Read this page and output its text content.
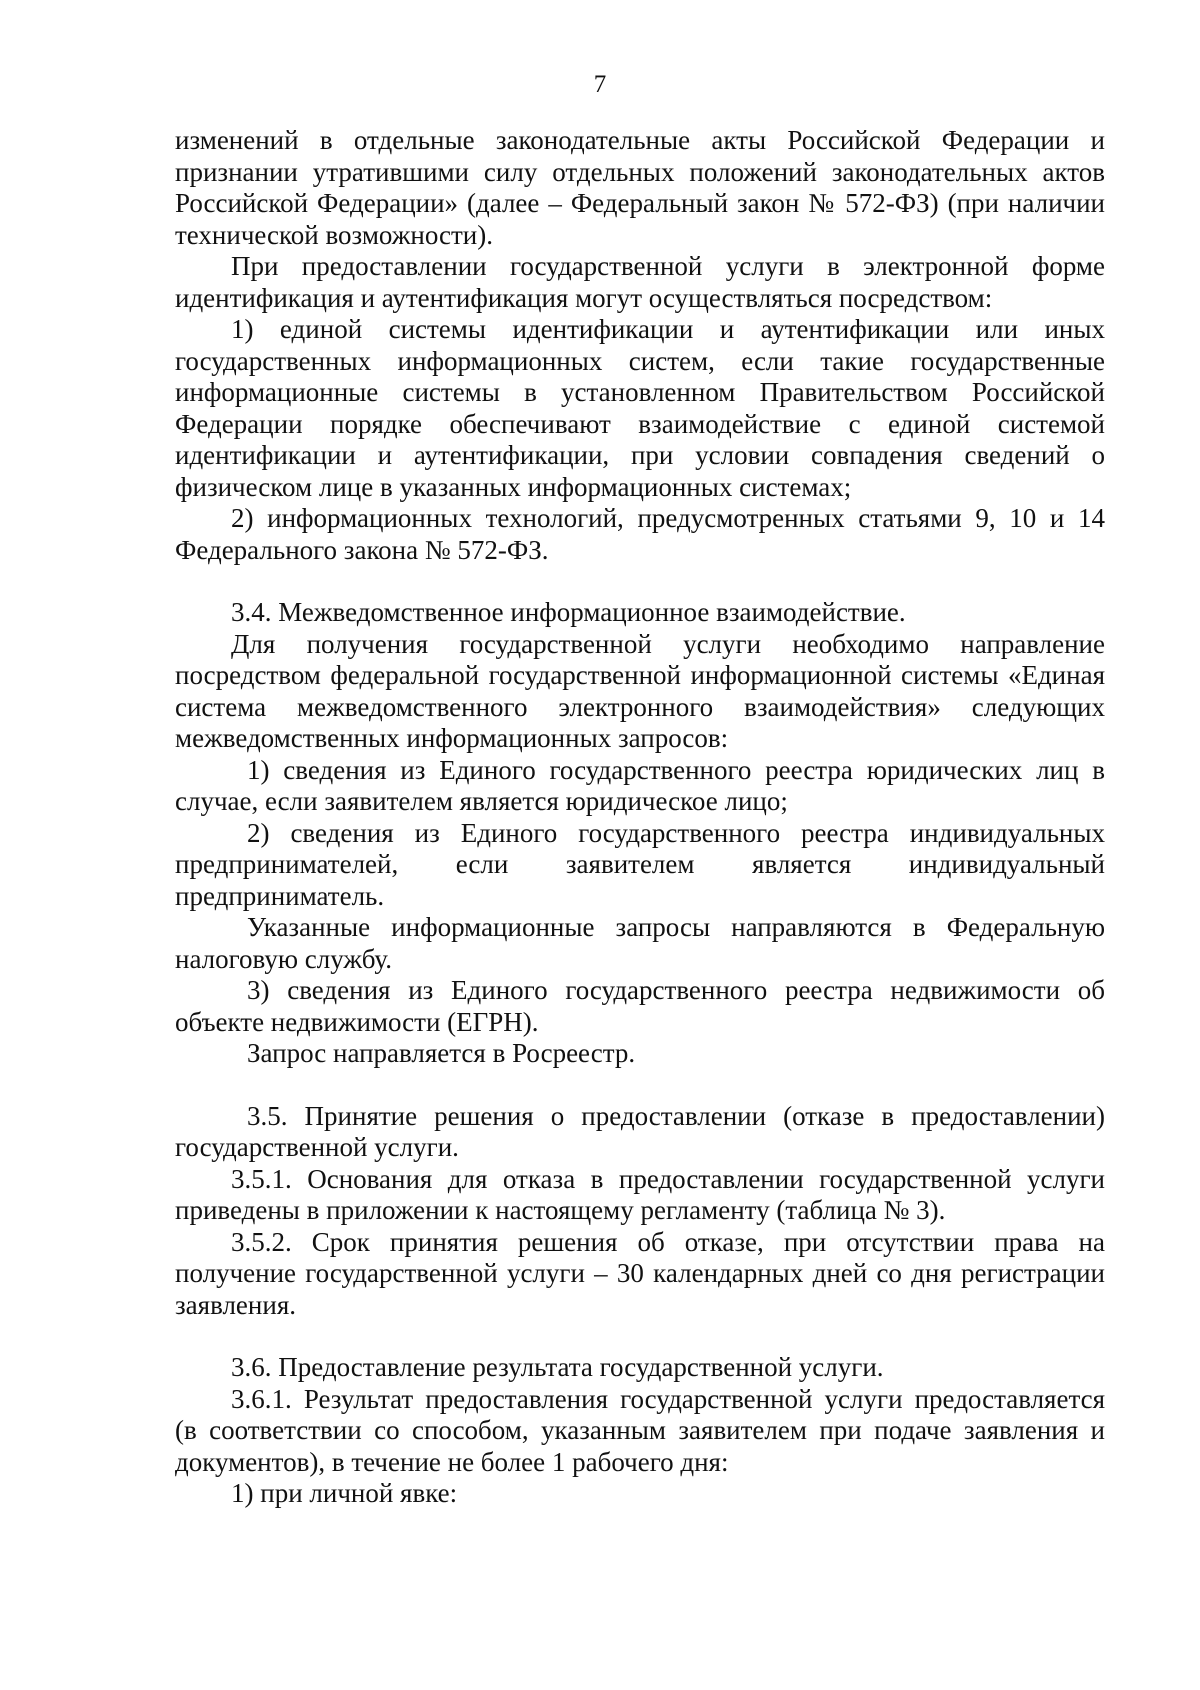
7

изменений в отдельные законодательные акты Российской Федерации и признании утратившими силу отдельных положений законодательных актов Российской Федерации» (далее – Федеральный закон № 572-ФЗ) (при наличии технической возможности).

При предоставлении государственной услуги в электронной форме идентификация и аутентификация могут осуществляться посредством:

1) единой системы идентификации и аутентификации или иных государственных информационных систем, если такие государственные информационные системы в установленном Правительством Российской Федерации порядке обеспечивают взаимодействие с единой системой идентификации и аутентификации, при условии совпадения сведений о физическом лице в указанных информационных системах;

2) информационных технологий, предусмотренных статьями 9, 10 и 14 Федерального закона № 572-ФЗ.

3.4. Межведомственное информационное взаимодействие.

Для получения государственной услуги необходимо направление посредством федеральной государственной информационной системы «Единая система межведомственного электронного взаимодействия» следующих межведомственных информационных запросов:

1) сведения из Единого государственного реестра юридических лиц в случае, если заявителем является юридическое лицо;

2) сведения из Единого государственного реестра индивидуальных предпринимателей, если заявителем является индивидуальный предприниматель.

Указанные информационные запросы направляются в Федеральную налоговую службу.

3) сведения из Единого государственного реестра недвижимости об объекте недвижимости (ЕГРН).

Запрос направляется в Росреестр.

3.5. Принятие решения о предоставлении (отказе в предоставлении) государственной услуги.

3.5.1. Основания для отказа в предоставлении государственной услуги приведены в приложении к настоящему регламенту (таблица № 3).

3.5.2. Срок принятия решения об отказе, при отсутствии права на получение государственной услуги – 30 календарных дней со дня регистрации заявления.

3.6. Предоставление результата государственной услуги.

3.6.1. Результат предоставления государственной услуги предоставляется (в соответствии со способом, указанным заявителем при подаче заявления и документов), в течение не более 1 рабочего дня:

1) при личной явке:
